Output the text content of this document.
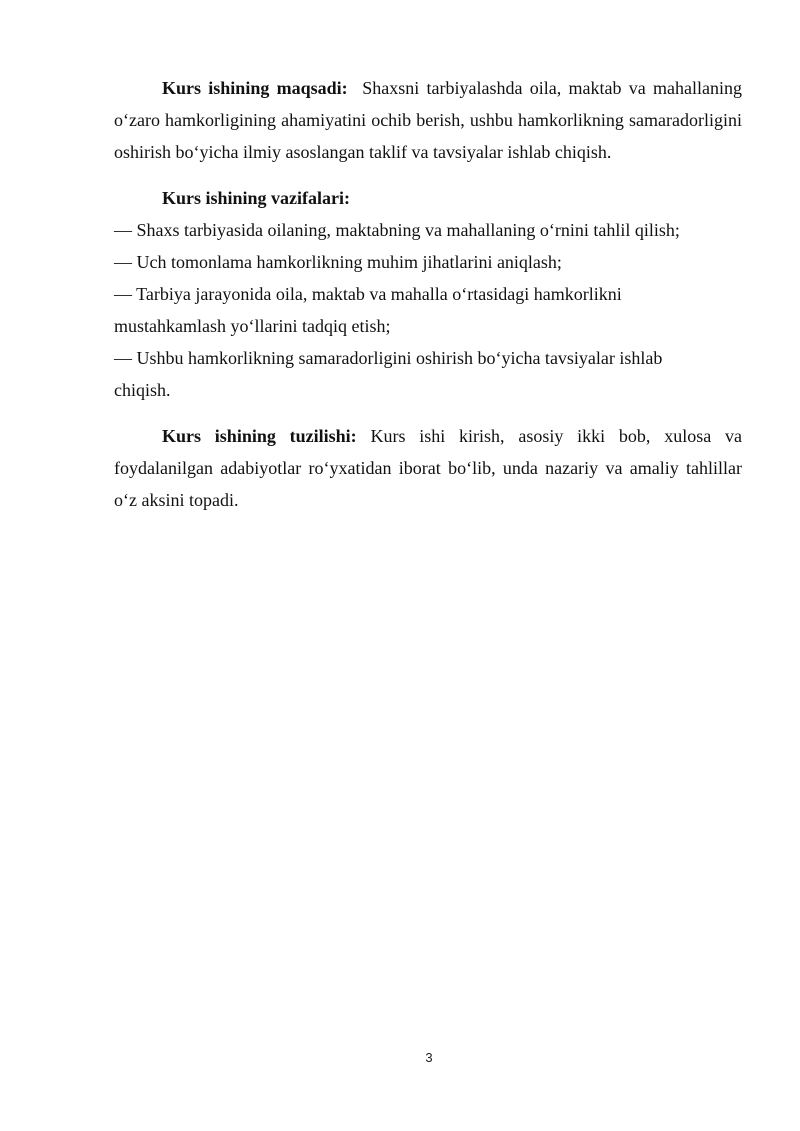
Kurs ishining maqsadi: Shaxsni tarbiyalashda oila, maktab va mahallaning o‘zaro hamkorligining ahamiyatini ochib berish, ushbu hamkorlikning samaradorligini oshirish bo‘yicha ilmiy asoslangan taklif va tavsiyalar ishlab chiqish.

Kurs ishining vazifalari:

— Shaxs tarbiyasida oilaning, maktabning va mahallaning o‘rnini tahlil qilish;
— Uch tomonlama hamkorlikning muhim jihatlarini aniqlash;
— Tarbiya jarayonida oila, maktab va mahalla o‘rtasidagi hamkorlikni mustahkamlash yo‘llarini tadqiq etish;
— Ushbu hamkorlikning samaradorligini oshirish bo‘yicha tavsiyalar ishlab chiqish.

Kurs ishining tuzilishi: Kurs ishi kirish, asosiy ikki bob, xulosa va foydalanilgan adabiyotlar ro‘yxatidan iborat bo‘lib, unda nazariy va amaliy tahlillar o‘z aksini topadi.

3
